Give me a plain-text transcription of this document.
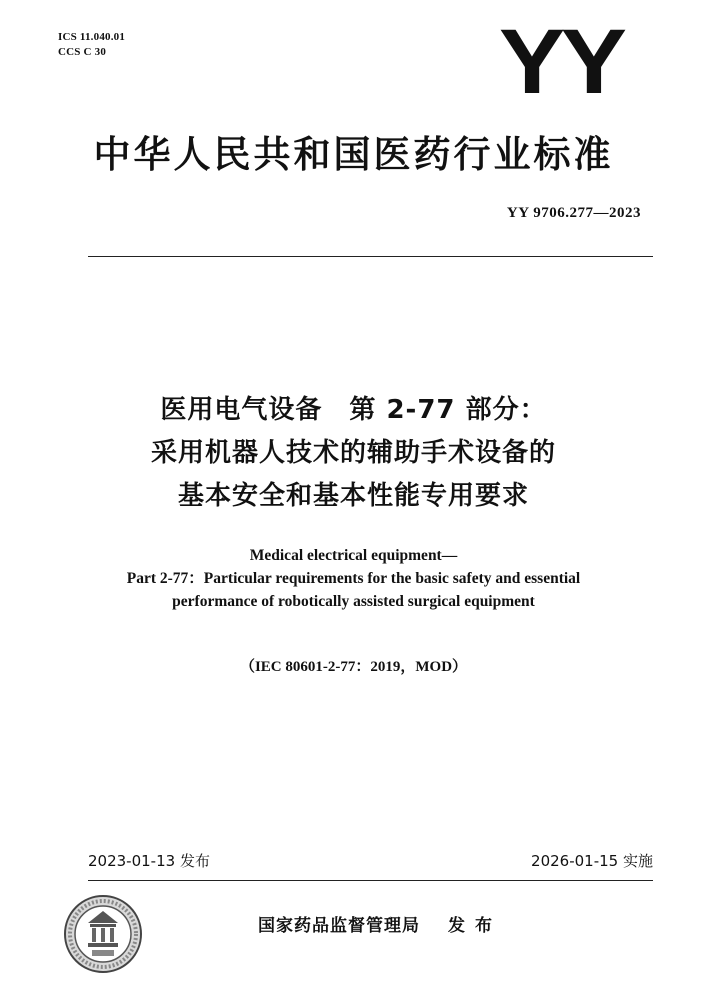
ICS 11.040.01
CCS C 30	YY
中华人民共和国医药行业标准
YY 9706.277—2023
医用电气设备　第 2-77 部分：
采用机器人技术的辅助手术设备的
基本安全和基本性能专用要求
Medical electrical equipment—
Part 2-77：Particular requirements for the basic safety and essential
performance of robotically assisted surgical equipment
（IEC 80601-2-77：2019，MOD）
2023-01-13 发布	2026-01-15 实施
国家药品监督管理局 发布
